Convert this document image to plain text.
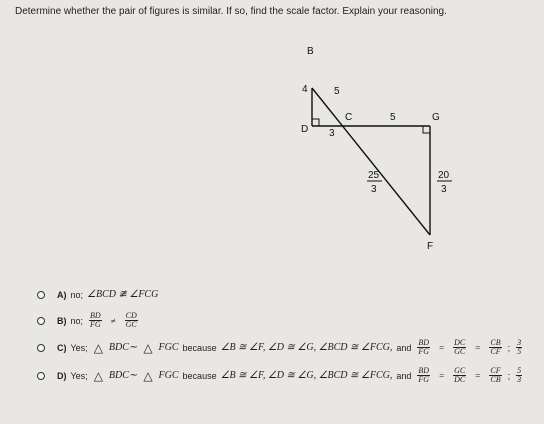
Determine whether the pair of figures is similar. If so, find the scale factor. Explain your reasoning.
B
D
C	G
F
4	5
3
5
25
3
20
3
A) no; ∠BCD ≇ ∠FCG
B) no; $\frac{BD}{FG} \ne \frac{CD}{GC}$
C) Yes; △ BDC∼ △ FGC because ∠B ≅ ∠F, ∠D ≅ ∠G, ∠BCD ≅ ∠FCG, and $\frac{BD}{FG} = \frac{DC}{GC} = \frac{CB}{CF}$ ; $\frac{3}{5}$
D) Yes; △ BDC∼ △ FGC because ∠B ≅ ∠F, ∠D ≅ ∠G, ∠BCD ≅ ∠FCG, and $\frac{BD}{FG} = \frac{GC}{DC} = \frac{CF}{CB}$ ; $\frac{5}{3}$
